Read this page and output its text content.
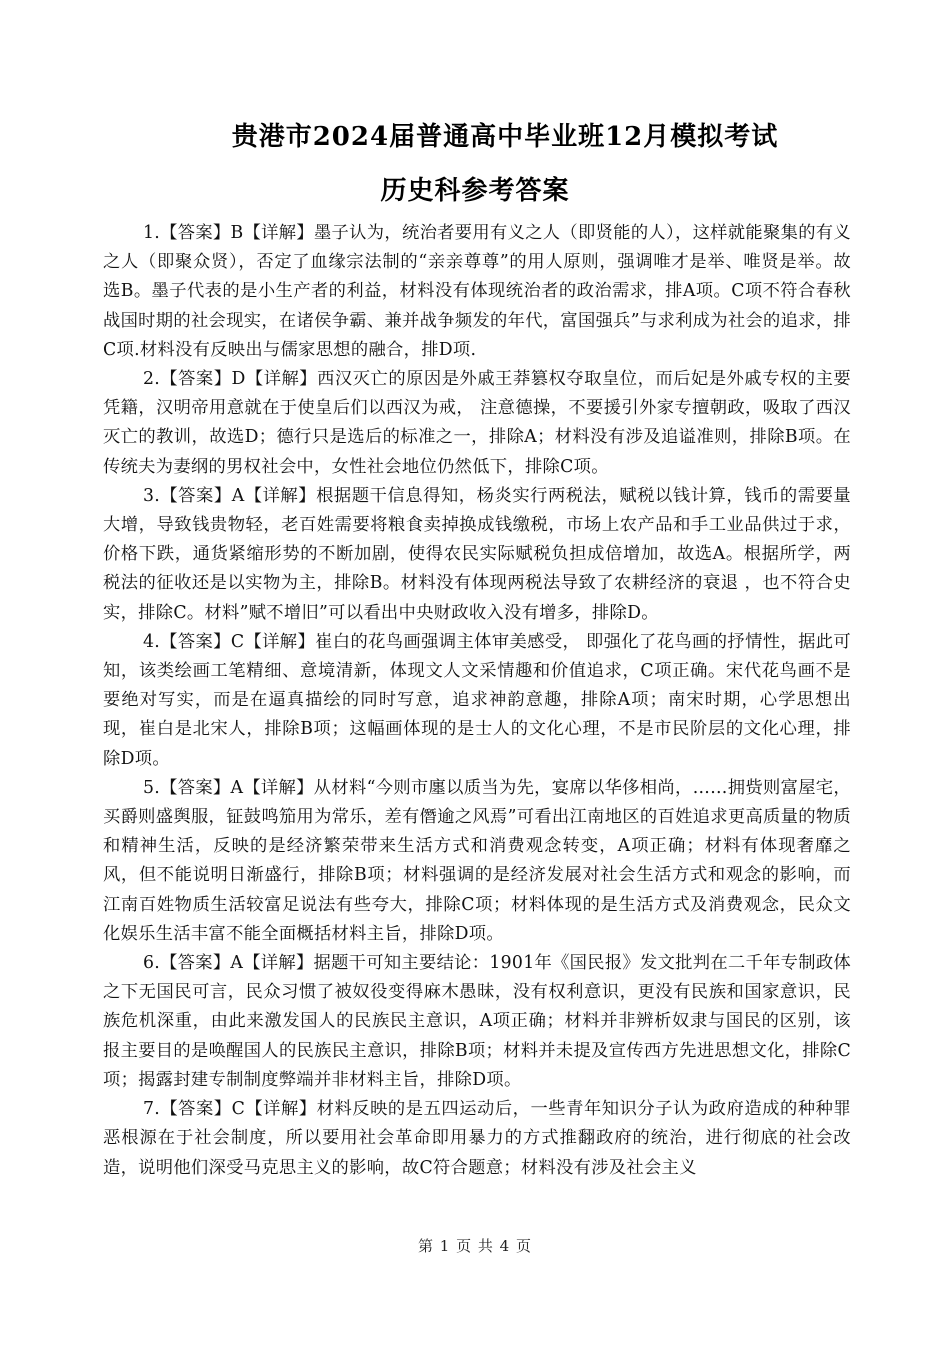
贵港市2024届普通高中毕业班12月模拟考试
历史科参考答案

1.【答案】B【详解】墨子认为，统治者要用有义之人（即贤能的人），这样就能聚集的有义之人（即聚众贤），否定了血缘宗法制的“亲亲尊尊”的用人原则，强调唯才是举、唯贤是举。故选B。墨子代表的是小生产者的利益，材料没有体现统治者的政治需求，排A项。C项不符合春秋战国时期的社会现实，在诸侯争霸、兼并战争频发的年代，富国强兵”与求利成为社会的追求，排C项.材料没有反映出与儒家思想的融合，排D项.

2.【答案】D【详解】西汉灭亡的原因是外戚王莽篡权夺取皇位，而后妃是外戚专权的主要凭籍，汉明帝用意就在于使皇后们以西汉为戒， 注意德操，不要援引外家专擅朝政，吸取了西汉灭亡的教训，故选D；德行只是选后的标准之一，排除A；材料没有涉及追谥准则，排除B项。在传统夫为妻纲的男权社会中，女性社会地位仍然低下，排除C项。

3.【答案】A【详解】根据题干信息得知，杨炎实行两税法，赋税以钱计算，钱币的需要量大增，导致钱贵物轻，老百姓需要将粮食卖掉换成钱缴税，市场上农产品和手工业品供过于求，价格下跌，通货紧缩形势的不断加剧，使得农民实际赋税负担成倍增加，故选A。根据所学，两税法的征收还是以实物为主，排除B。材料没有体现两税法导致了农耕经济的衰退 ，也不符合史实，排除C。材料”赋不增旧”可以看出中央财政收入没有增多，排除D。

4.【答案】C【详解】崔白的花鸟画强调主体审美感受， 即强化了花鸟画的抒情性，据此可知，该类绘画工笔精细、意境清新，体现文人文采情趣和价值追求，C项正确。宋代花鸟画不是要绝对写实，而是在逼真描绘的同时写意，追求神韵意趣，排除A项；南宋时期，心学思想出现，崔白是北宋人，排除B项；这幅画体现的是士人的文化心理，不是市民阶层的文化心理，排除D项。

5.【答案】A【详解】从材料“今则市廛以质当为先，宴席以华侈相尚，……拥赀则富屋宅，买爵则盛舆服，钲鼓鸣笳用为常乐，差有僭逾之风焉”可看出江南地区的百姓追求更高质量的物质和精神生活，反映的是经济繁荣带来生活方式和消费观念转变，A项正确；材料有体现奢靡之风，但不能说明日渐盛行，排除B项；材料强调的是经济发展对社会生活方式和观念的影响，而江南百姓物质生活较富足说法有些夸大，排除C项；材料体现的是生活方式及消费观念，民众文化娱乐生活丰富不能全面概括材料主旨，排除D项。

6.【答案】A【详解】据题干可知主要结论：1901年《国民报》发文批判在二千年专制政体之下无国民可言，民众习惯了被奴役变得麻木愚昧，没有权利意识，更没有民族和国家意识，民族危机深重，由此来激发国人的民族民主意识，A项正确；材料并非辨析奴隶与国民的区别，该报主要目的是唤醒国人的民族民主意识，排除B项；材料并未提及宣传西方先进思想文化，排除C项；揭露封建专制制度弊端并非材料主旨，排除D项。

7.【答案】C【详解】材料反映的是五四运动后，一些青年知识分子认为政府造成的种种罪恶根源在于社会制度，所以要用社会革命即用暴力的方式推翻政府的统治，进行彻底的社会改造，说明他们深受马克思主义的影响，故C符合题意；材料没有涉及社会主义

第 1 页 共 4 页
